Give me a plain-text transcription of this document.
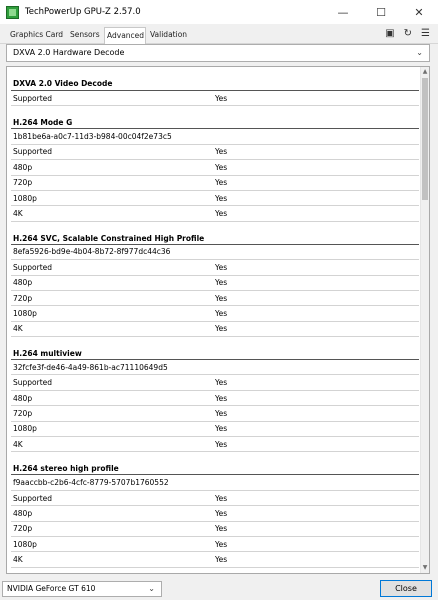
TechPowerUp GPU-Z 2.57.0	—	☐	✕
Graphics Card Sensors Advanced Validation	▣ ↻ ☰
DXVA 2.0 Hardware Decode	⌄
DXVA 2.0 Video Decode
Supported	Yes
H.264 Mode G
1b81be6a-a0c7-11d3-b984-00c04f2e73c5
Supported	Yes
480p	Yes
720p	Yes
1080p	Yes
4K	Yes
H.264 SVC, Scalable Constrained High Profile
8efa5926-bd9e-4b04-8b72-8f977dc44c36
Supported	Yes
480p	Yes
720p	Yes
1080p	Yes
4K	Yes
H.264 multiview
32fcfe3f-de46-4a49-861b-ac71110649d5
Supported	Yes
480p	Yes
720p	Yes
1080p	Yes
4K	Yes
H.264 stereo high profile
f9aaccbb-c2b6-4cfc-8779-5707b1760552
Supported	Yes
480p	Yes
720p	Yes
1080p	Yes
4K	Yes
▲
▼
NVIDIA GeForce GT 610	⌄	Close
